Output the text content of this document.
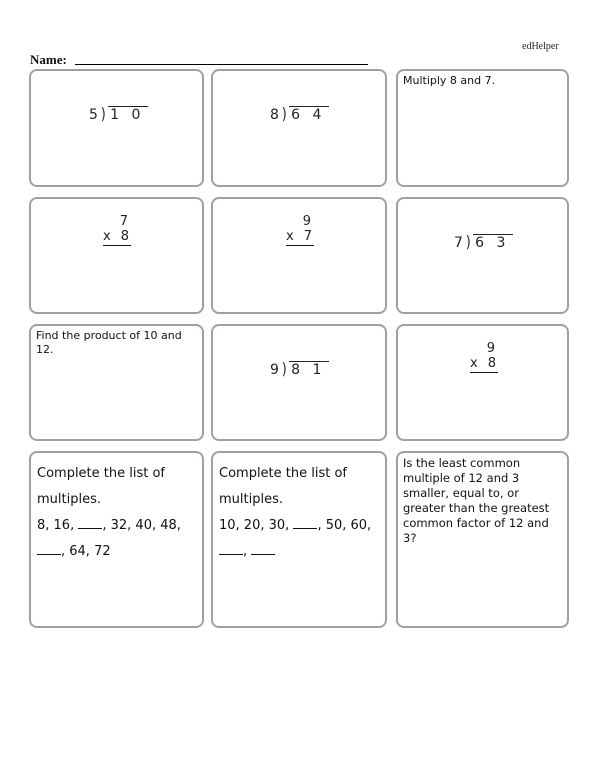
edHelper
Name:
5 ) 1 0	8 ) 6 4
Multiply 8 and 7.
7
x 8
9
x 7	7 ) 6 3
Find the product of 10 and 12.
9 ) 8 1
9
x 8
Complete the list of
multiples.
8, 16, , 32, 40, 48,
, 64, 72
Complete the list of
multiples.
10, 20, 30, , 50, 60,
,
Is the least common multiple of 12 and 3 smaller, equal to, or greater than the greatest common factor of 12 and 3?
